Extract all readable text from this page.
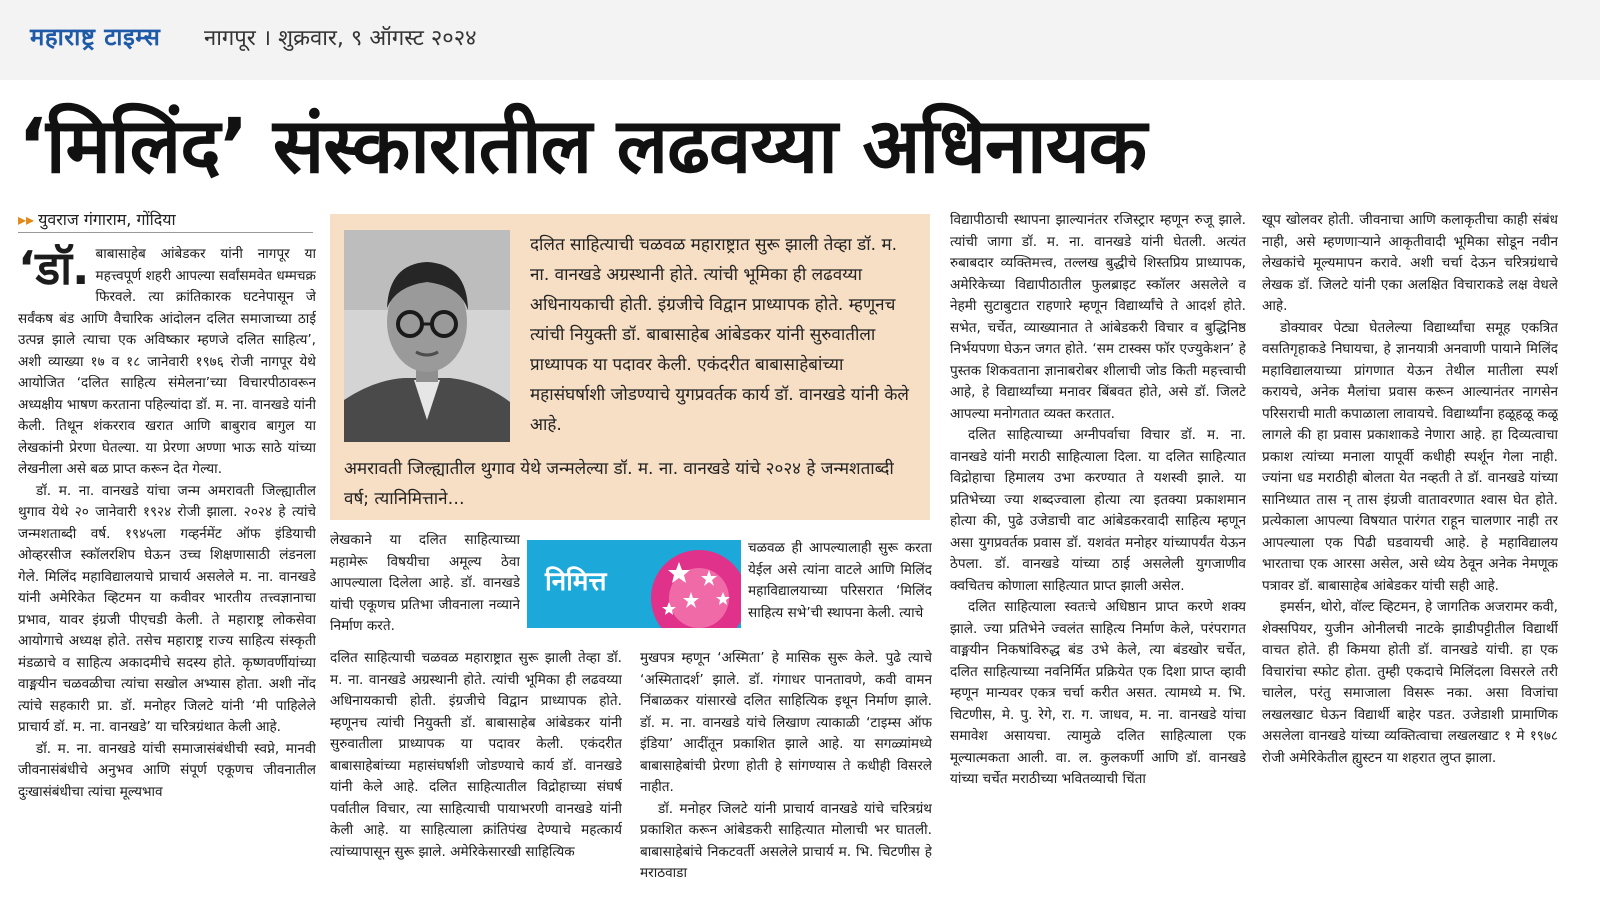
महाराष्ट्र टाइम्स नागपूर । शुक्रवार, ९ ऑगस्ट २०२४
‘मिलिंद’ संस्कारातील लढवय्या अधिनायक
▸▸ युवराज गंगाराम, गोंदिया

‘डॉ. बाबासाहेब आंबेडकर यांनी नागपूर या महत्त्वपूर्ण शहरी आपल्या सर्वांसमवेत धम्मचक्र फिरवले. त्या क्रांतिकारक घटनेपासून जे सर्वंकष बंड आणि वैचारिक आंदोलन दलित समाजाच्या ठाई उत्पन्न झाले त्याचा एक अविष्कार म्हणजे दलित साहित्य’, अशी व्याख्या १७ व १८ जानेवारी १९७६ रोजी नागपूर येथे आयोजित ‘दलित साहित्य संमेलना’च्या विचारपीठावरून अध्यक्षीय भाषण करताना पहिल्यांदा डॉ. म. ना. वानखडे यांनी केली. तिथून शंकरराव खरात आणि बाबुराव बागुल या लेखकांनी प्रेरणा घेतल्या. या प्रेरणा अण्णा भाऊ साठे यांच्या लेखनीला असे बळ प्राप्त करून देत गेल्या.

डॉ. म. ना. वानखडे यांचा जन्म अमरावती जिल्ह्यातील थुगाव येथे २० जानेवारी १९२४ रोजी झाला. २०२४ हे त्यांचे जन्मशताब्दी वर्ष. १९४५ला गव्हर्नमेंट ऑफ इंडियाची ओव्हरसीज स्कॉलरशिप घेऊन उच्च शिक्षणासाठी लंडनला गेले. मिलिंद महाविद्यालयाचे प्राचार्य असलेले म. ना. वानखडे यांनी अमेरिकेत व्हिटमन या कवीवर भारतीय तत्त्वज्ञानाचा प्रभाव, यावर इंग्रजी पीएचडी केली. ते महाराष्ट्र लोकसेवा आयोगाचे अध्यक्ष होते. तसेच महाराष्ट्र राज्य साहित्य संस्कृती मंडळाचे व साहित्य अकादमीचे सदस्य होते. कृष्णवर्णीयांच्या वाङ्मयीन चळवळीचा त्यांचा सखोल अभ्यास होता. अशी नोंद त्यांचे सहकारी प्रा. डॉ. मनोहर जिलटे यांनी ‘मी पाहिलेले प्राचार्य डॉ. म. ना. वानखडे’ या चरित्रग्रंथात केली आहे.

डॉ. म. ना. वानखडे यांची समाजासंबंधीची स्वप्ने, मानवी जीवनासंबंधीचे अनुभव आणि संपूर्ण एकूणच जीवनातील दुःखासंबंधीचा त्यांचा मूल्यभाव

दलित साहित्याची चळवळ महाराष्ट्रात सुरू झाली तेव्हा डॉ. म. ना. वानखडे अग्रस्थानी होते. त्यांची भूमिका ही लढवय्या अधिनायकाची होती. इंग्रजीचे विद्वान प्राध्यापक होते. म्हणूनच त्यांची नियुक्ती डॉ. बाबासाहेब आंबेडकर यांनी सुरुवातीला प्राध्यापक या पदावर केली. एकंदरीत बाबासाहेबांच्या महासंघर्षाशी जोडण्याचे युगप्रवर्तक कार्य डॉ. वानखडे यांनी केले आहे.
अमरावती जिल्ह्यातील थुगाव येथे जन्मलेल्या डॉ. म. ना. वानखडे यांचे २०२४ हे जन्मशताब्दी वर्ष; त्यानिमित्ताने…

लेखकाने या दलित साहित्याच्या महामेरू विषयीचा अमूल्य ठेवा आपल्याला दिलेला आहे. डॉ. वानखडे यांची एकूणच प्रतिभा जीवनाला नव्याने निर्माण करते.

निमित्त

चळवळ ही आपल्यालाही सुरू करता येईल असे त्यांना वाटले आणि मिलिंद महाविद्यालयाच्या परिसरात ‘मिलिंद साहित्य सभे’ची स्थापना केली. त्याचे

दलित साहित्याची चळवळ महाराष्ट्रात सुरू झाली तेव्हा डॉ. म. ना. वानखडे अग्रस्थानी होते. त्यांची भूमिका ही लढवय्या अधिनायकाची होती. इंग्रजीचे विद्वान प्राध्यापक होते. म्हणूनच त्यांची नियुक्ती डॉ. बाबासाहेब आंबेडकर यांनी सुरुवातीला प्राध्यापक या पदावर केली. एकंदरीत बाबासाहेबांच्या महासंघर्षाशी जोडण्याचे कार्य डॉ. वानखडे यांनी केले आहे. दलित साहित्यातील विद्रोहाच्या संघर्ष पर्वातील विचार, त्या साहित्याची पायाभरणी वानखडे यांनी केली आहे. या साहित्याला क्रांतिपंख देण्याचे महत्कार्य त्यांच्यापासून सुरू झाले. अमेरिकेसारखी साहित्यिक

मुखपत्र म्हणून ‘अस्मिता’ हे मासिक सुरू केले. पुढे त्याचे ‘अस्मितादर्श’ झाले. डॉ. गंगाधर पानतावणे, कवी वामन निंबाळकर यांसारखे दलित साहित्यिक इथून निर्माण झाले. डॉ. म. ना. वानखडे यांचे लिखाण त्याकाळी ‘टाइम्स ऑफ इंडिया’ आदींतून प्रकाशित झाले आहे. या सगळ्यांमध्ये बाबासाहेबांची प्रेरणा होती हे सांगण्यास ते कधीही विसरले नाहीत.

डॉ. मनोहर जिलटे यांनी प्राचार्य वानखडे यांचे चरित्रग्रंथ प्रकाशित करून आंबेडकरी साहित्यात मोलाची भर घातली. बाबासाहेबांचे निकटवर्ती असलेले प्राचार्य म. भि. चिटणीस हे मराठवाडा

विद्यापीठाची स्थापना झाल्यानंतर रजिस्ट्रार म्हणून रुजू झाले. त्यांची जागा डॉ. म. ना. वानखडे यांनी घेतली. अत्यंत रुबाबदार व्यक्तिमत्त्व, तल्लख बुद्धीचे शिस्तप्रिय प्राध्यापक, अमेरिकेच्या विद्यापीठातील फुलब्राइट स्कॉलर असलेले व नेहमी सुटाबुटात राहणारे म्हणून विद्यार्थ्यांचे ते आदर्श होते. सभेत, चर्चेत, व्याख्यानात ते आंबेडकरी विचार व बुद्धिनिष्ठ निर्भयपणा घेऊन जगत होते. ‘सम टास्क्स फॉर एज्युकेशन’ हे पुस्तक शिकवताना ज्ञानाबरोबर शीलाची जोड किती महत्त्वाची आहे, हे विद्यार्थ्यांच्या मनावर बिंबवत होते, असे डॉ. जिलटे आपल्या मनोगतात व्यक्त करतात.

दलित साहित्याच्या अग्नीपर्वाचा विचार डॉ. म. ना. वानखडे यांनी मराठी साहित्याला दिला. या दलित साहित्यात विद्रोहाचा हिमालय उभा करण्यात ते यशस्वी झाले. या प्रतिभेच्या ज्या शब्दज्वाला होत्या त्या इतक्या प्रकाशमान होत्या की, पुढे उजेडाची वाट आंबेडकरवादी साहित्य म्हणून असा युगप्रवर्तक प्रवास डॉ. यशवंत मनोहर यांच्यापर्यंत येऊन ठेपला. डॉ. वानखडे यांच्या ठाई असलेली युगजाणीव क्वचितच कोणाला साहित्यात प्राप्त झाली असेल.

दलित साहित्याला स्वतःचे अधिष्ठान प्राप्त करणे शक्य झाले. ज्या प्रतिभेने ज्वलंत साहित्य निर्माण केले, परंपरागत वाङ्मयीन निकषांविरुद्ध बंड उभे केले, त्या बंडखोर चर्चेत, दलित साहित्याच्या नवनिर्मित प्रक्रियेत एक दिशा प्राप्त व्हावी म्हणून मान्यवर एकत्र चर्चा करीत असत. त्यामध्ये म. भि. चिटणीस, मे. पु. रेगे, रा. ग. जाधव, म. ना. वानखडे यांचा समावेश असायचा. त्यामुळे दलित साहित्याला एक मूल्यात्मकता आली. वा. ल. कुलकर्णी आणि डॉ. वानखडे यांच्या चर्चेत मराठीच्या भवितव्याची चिंता

खूप खोलवर होती. जीवनाचा आणि कलाकृतीचा काही संबंध नाही, असे म्हणणाऱ्याने आकृतीवादी भूमिका सोडून नवीन लेखकांचे मूल्यमापन करावे. अशी चर्चा देऊन चरित्रग्रंथाचे लेखक डॉ. जिलटे यांनी एका अलक्षित विचाराकडे लक्ष वेधले आहे.

डोक्यावर पेट्या घेतलेल्या विद्यार्थ्यांचा समूह एकत्रित वसतिगृहाकडे निघायचा, हे ज्ञानयात्री अनवाणी पायाने मिलिंद महाविद्यालयाच्या प्रांगणात येऊन तेथील मातीला स्पर्श करायचे, अनेक मैलांचा प्रवास करून आल्यानंतर नागसेन परिसराची माती कपाळाला लावायचे. विद्यार्थ्यांना हळूहळू कळू लागले की हा प्रवास प्रकाशाकडे नेणारा आहे. हा दिव्यत्वाचा प्रकाश त्यांच्या मनाला यापूर्वी कधीही स्पर्शून गेला नाही. ज्यांना धड मराठीही बोलता येत नव्हती ते डॉ. वानखडे यांच्या सानिध्यात तास न् तास इंग्रजी वातावरणात श्वास घेत होते. प्रत्येकाला आपल्या विषयात पारंगत राहून चालणार नाही तर आपल्याला एक पिढी घडवायची आहे. हे महाविद्यालय भारताचा एक आरसा असेल, असे ध्येय ठेवून अनेक नेमणूक पत्रावर डॉ. बाबासाहेब आंबेडकर यांची सही आहे.

इमर्सन, थोरो, वॉल्ट व्हिटमन, हे जागतिक अजरामर कवी, शेक्सपियर, युजीन ओनीलची नाटके झाडीपट्टीतील विद्यार्थी वाचत होते. ही किमया होती डॉ. वानखडे यांची. हा एक विचारांचा स्फोट होता. तुम्ही एकदाचे मिलिंदला विसरले तरी चालेल, परंतु समाजाला विसरू नका. असा विजांचा लखलखाट घेऊन विद्यार्थी बाहेर पडत. उजेडाशी प्रामाणिक असलेला वानखडे यांच्या व्यक्तित्वाचा लखलखाट १ मे १९७८ रोजी अमेरिकेतील ह्युस्टन या शहरात लुप्त झाला.
